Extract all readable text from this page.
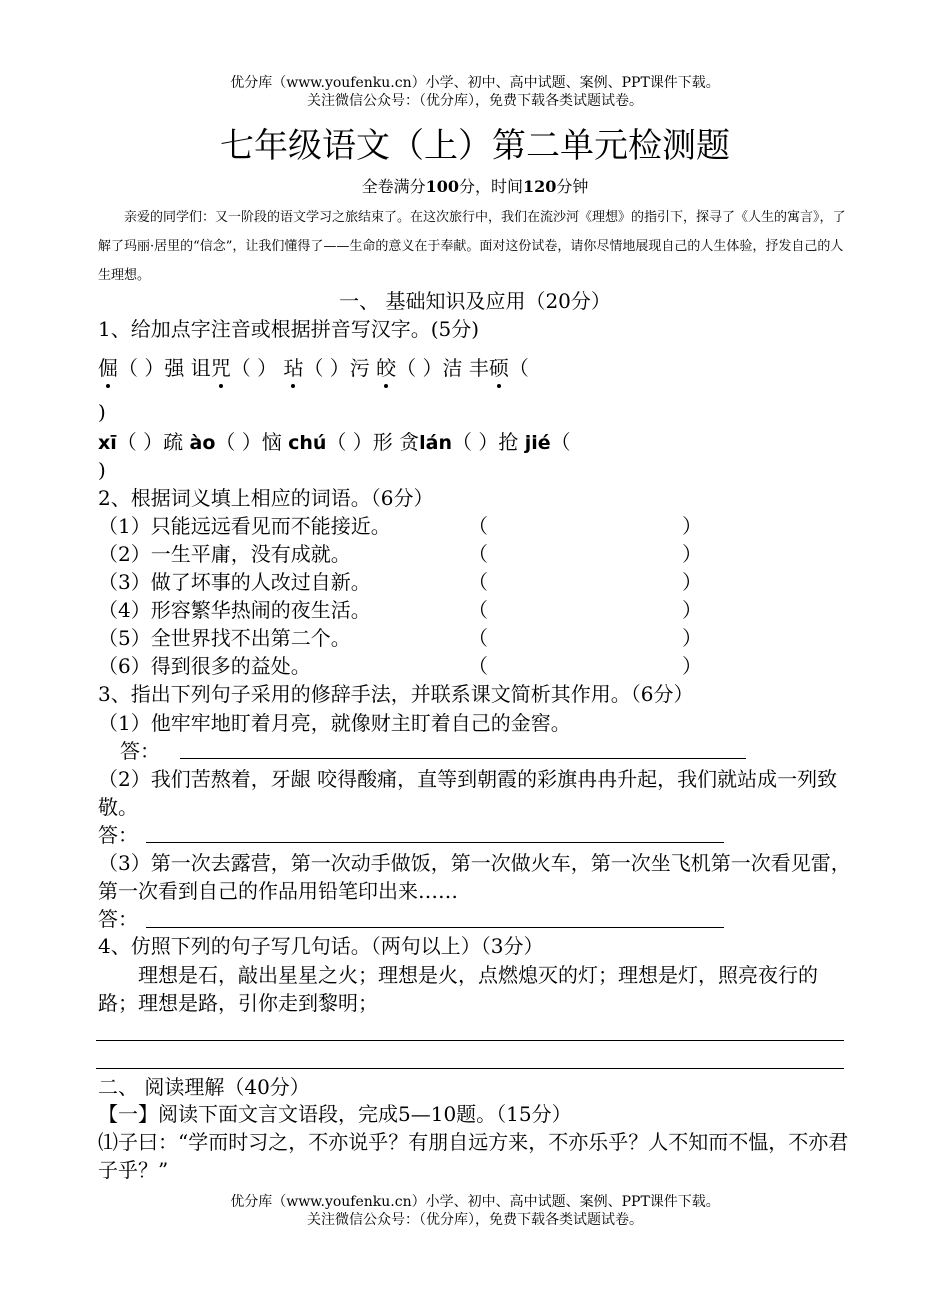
优分库（www.youfenku.cn）小学、初中、高中试题、案例、PPT课件下载。
关注微信公众号：（优分库），免费下载各类试题试卷。
七年级语文（上）第二单元检测题
全卷满分100分，时间120分钟
亲爱的同学们：又一阶段的语文学习之旅结束了。在这次旅行中，我们在流沙河《理想》的指引下，探寻了《人生的寓言》，了解了玛丽·居里的“信念”，让我们懂得了——生命的意义在于奉献。面对这份试卷，请你尽情地展现自己的人生体验，抒发自己的人生理想。
一、 基础知识及应用（20分）
1、给加点字注音或根据拼音写汉字。(5分)
倔（ ）强 诅咒（ ） 玷（ ）污 皎（ ）洁 丰硕（
)
xī（ ）疏 ào（ ）恼 chú（ ）形 贪lán（ ）抢 jié（
)
2、根据词义填上相应的词语。（6分）
（1）只能远远看见而不能接近。	（	）
（2）一生平庸，没有成就。	（	）
（3）做了坏事的人改过自新。	（	）
（4）形容繁华热闹的夜生活。	（	）
（5）全世界找不出第二个。	（	）
（6）得到很多的益处。	（	）
3、指出下列句子采用的修辞手法，并联系课文简析其作用。（6分）
（1）他牢牢地盯着月亮，就像财主盯着自己的金窖。
答：
（2）我们苦熬着，牙龈 咬得酸痛，直等到朝霞的彩旗冉冉升起，我们就站成一列致敬。
答：
（3）第一次去露营，第一次动手做饭，第一次做火车，第一次坐飞机第一次看见雷，第一次看到自己的作品用铅笔印出来……
答：
4、仿照下列的句子写几句话。（两句以上）（3分）
理想是石，敲出星星之火；理想是火，点燃熄灭的灯；理想是灯，照亮夜行的路；理想是路，引你走到黎明；
二、 阅读理解（40分）
【一】阅读下面文言文语段，完成5—10题。（15分）
⑴子曰：“学而时习之，不亦说乎？有朋自远方来，不亦乐乎？人不知而不愠，不亦君子乎？”
优分库（www.youfenku.cn）小学、初中、高中试题、案例、PPT课件下载。
关注微信公众号：（优分库），免费下载各类试题试卷。
